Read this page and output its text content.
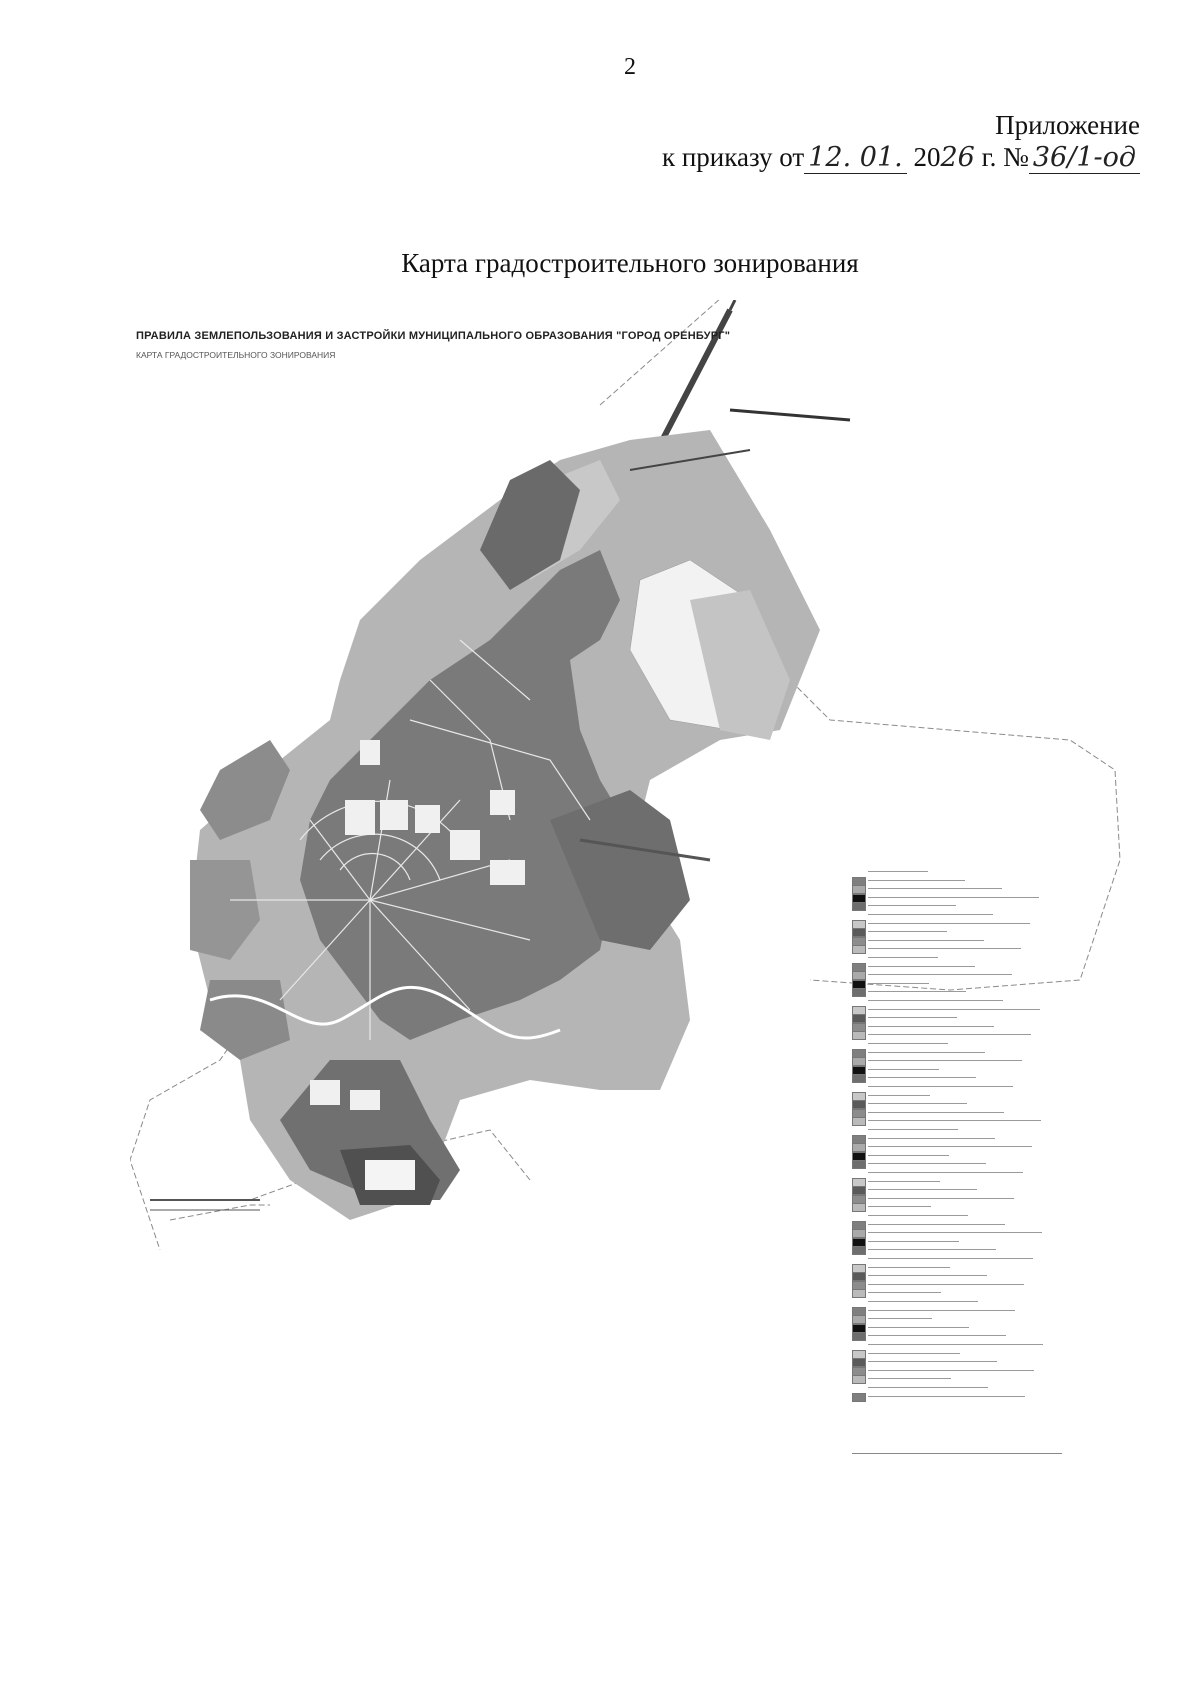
2
Приложение
к приказу от 12. 01. 2026 г. № 36/1-од
Карта градостроительного зонирования
ПРАВИЛА ЗЕМЛЕПОЛЬЗОВАНИЯ И ЗАСТРОЙКИ МУНИЦИПАЛЬНОГО ОБРАЗОВАНИЯ "ГОРОД ОРЕНБУРГ"
КАРТА ГРАДОСТРОИТЕЛЬНОГО ЗОНИРОВАНИЯ
